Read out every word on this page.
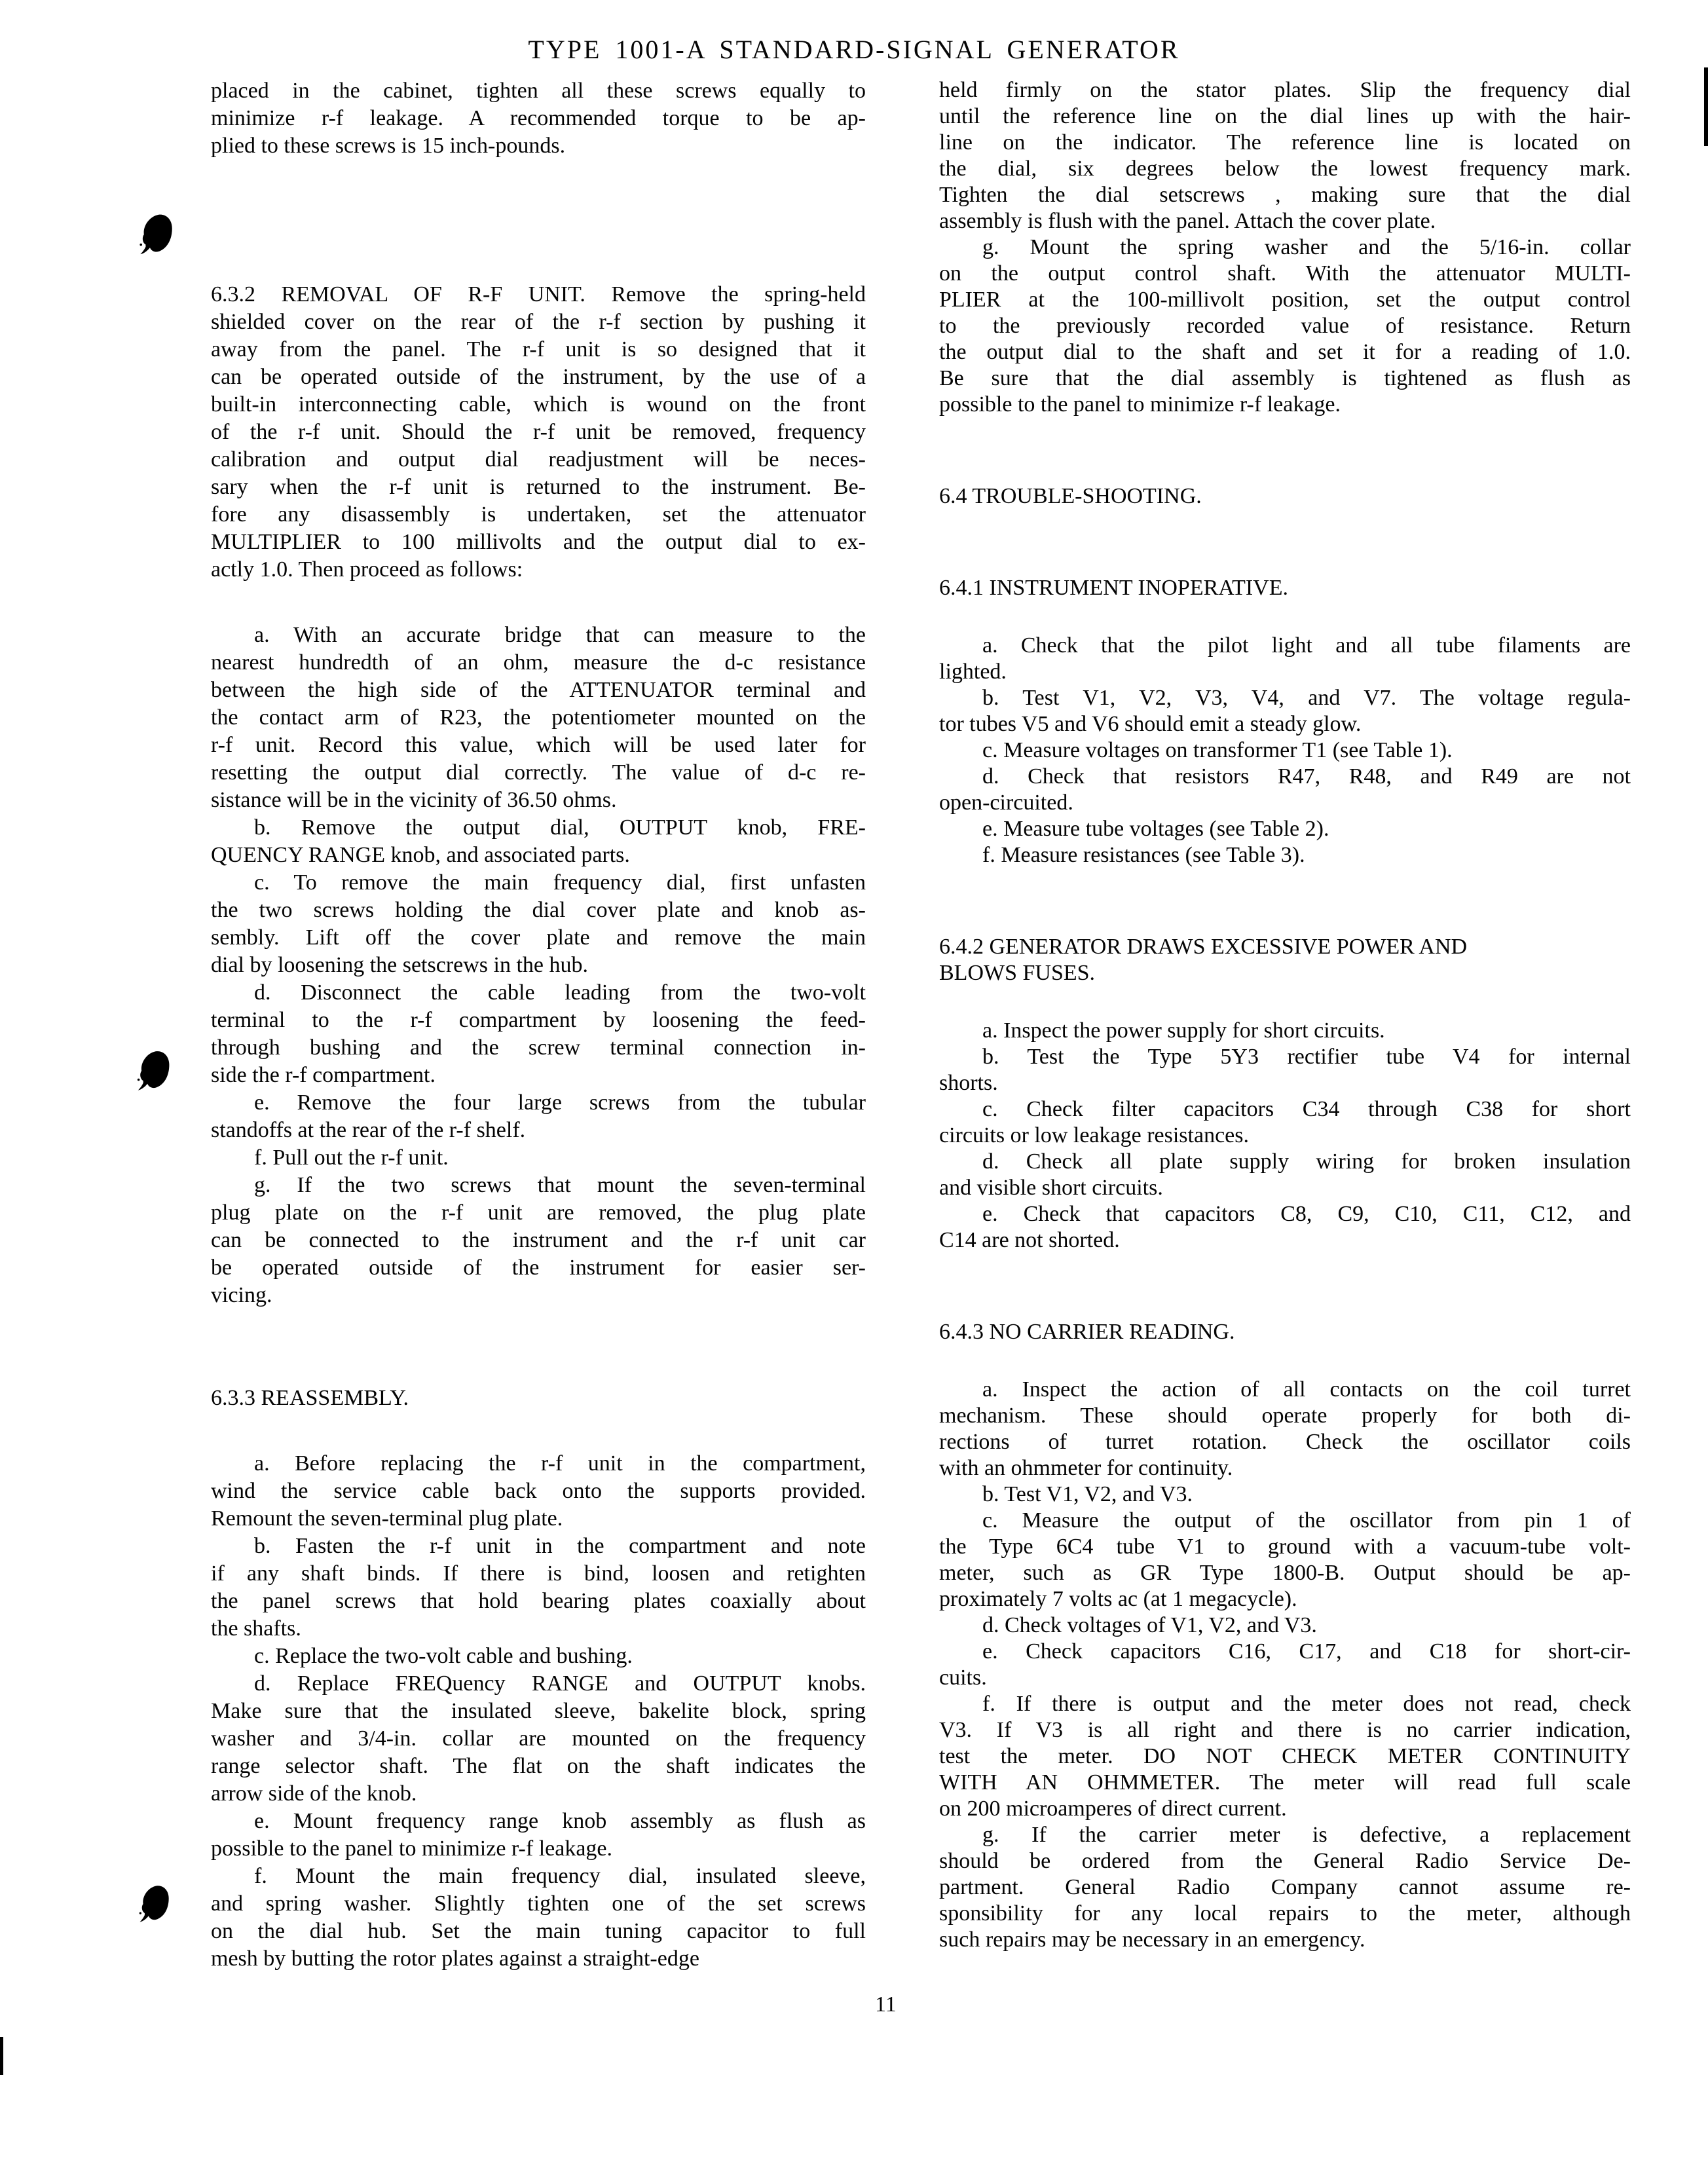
TYPE 1001-A STANDARD-SIGNAL GENERATOR
placed in the cabinet, tighten all these screws equally to
minimize r-f leakage. A recommended torque to be ap-
plied to these screws is 15 inch-pounds.
6.3.2 REMOVAL OF R-F UNIT. Remove the spring-held
shielded cover on the rear of the r-f section by pushing it
away from the panel. The r-f unit is so designed that it
can be operated outside of the instrument, by the use of a
built-in interconnecting cable, which is wound on the front
of the r-f unit. Should the r-f unit be removed, frequency
calibration and output dial readjustment will be neces-
sary when the r-f unit is returned to the instrument. Be-
fore any disassembly is undertaken, set the attenuator
MULTIPLIER to 100 millivolts and the output dial to ex-
actly 1.0. Then proceed as follows:
a. With an accurate bridge that can measure to the
nearest hundredth of an ohm, measure the d-c resistance
between the high side of the ATTENUATOR terminal and
the contact arm of R23, the potentiometer mounted on the
r-f unit. Record this value, which will be used later for
resetting the output dial correctly. The value of d-c re-
sistance will be in the vicinity of 36.50 ohms.
b. Remove the output dial, OUTPUT knob, FRE-
QUENCY RANGE knob, and associated parts.
c. To remove the main frequency dial, first unfasten
the two screws holding the dial cover plate and knob as-
sembly. Lift off the cover plate and remove the main
dial by loosening the setscrews in the hub.
d. Disconnect the cable leading from the two-volt
terminal to the r-f compartment by loosening the feed-
through bushing and the screw terminal connection in-
side the r-f compartment.
e. Remove the four large screws from the tubular
standoffs at the rear of the r-f shelf.
f. Pull out the r-f unit.
g. If the two screws that mount the seven-terminal
plug plate on the r-f unit are removed, the plug plate
can be connected to the instrument and the r-f unit car
be operated outside of the instrument for easier ser-
vicing.
6.3.3 REASSEMBLY.
a. Before replacing the r-f unit in the compartment,
wind the service cable back onto the supports provided.
Remount the seven-terminal plug plate.
b. Fasten the r-f unit in the compartment and note
if any shaft binds. If there is bind, loosen and retighten
the panel screws that hold bearing plates coaxially about
the shafts.
c. Replace the two-volt cable and bushing.
d. Replace FREQuency RANGE and OUTPUT knobs.
Make sure that the insulated sleeve, bakelite block, spring
washer and 3/4-in. collar are mounted on the frequency
range selector shaft. The flat on the shaft indicates the
arrow side of the knob.
e. Mount frequency range knob assembly as flush as
possible to the panel to minimize r-f leakage.
f. Mount the main frequency dial, insulated sleeve,
and spring washer. Slightly tighten one of the set screws
on the dial hub. Set the main tuning capacitor to full
mesh by butting the rotor plates against a straight-edge
held firmly on the stator plates. Slip the frequency dial
until the reference line on the dial lines up with the hair-
line on the indicator. The reference line is located on
the dial, six degrees below the lowest frequency mark.
Tighten the dial setscrews , making sure that the dial
assembly is flush with the panel. Attach the cover plate.
g. Mount the spring washer and the 5/16-in. collar
on the output control shaft. With the attenuator MULTI-
PLIER at the 100-millivolt position, set the output control
to the previously recorded value of resistance. Return
the output dial to the shaft and set it for a reading of 1.0.
Be sure that the dial assembly is tightened as flush as
possible to the panel to minimize r-f leakage.
6.4 TROUBLE-SHOOTING.
6.4.1 INSTRUMENT INOPERATIVE.
a. Check that the pilot light and all tube filaments are
lighted.
b. Test V1, V2, V3, V4, and V7. The voltage regula-
tor tubes V5 and V6 should emit a steady glow.
c. Measure voltages on transformer T1 (see Table 1).
d. Check that resistors R47, R48, and R49 are not
open-circuited.
e. Measure tube voltages (see Table 2).
f. Measure resistances (see Table 3).
6.4.2 GENERATOR DRAWS EXCESSIVE POWER AND
BLOWS FUSES.
a. Inspect the power supply for short circuits.
b. Test the Type 5Y3 rectifier tube V4 for internal
shorts.
c. Check filter capacitors C34 through C38 for short
circuits or low leakage resistances.
d. Check all plate supply wiring for broken insulation
and visible short circuits.
e. Check that capacitors C8, C9, C10, C11, C12, and
C14 are not shorted.
6.4.3 NO CARRIER READING.
a. Inspect the action of all contacts on the coil turret
mechanism. These should operate properly for both di-
rections of turret rotation. Check the oscillator coils
with an ohmmeter for continuity.
b. Test V1, V2, and V3.
c. Measure the output of the oscillator from pin 1 of
the Type 6C4 tube V1 to ground with a vacuum-tube volt-
meter, such as GR Type 1800-B. Output should be ap-
proximately 7 volts ac (at 1 megacycle).
d. Check voltages of V1, V2, and V3.
e. Check capacitors C16, C17, and C18 for short-cir-
cuits.
f. If there is output and the meter does not read, check
V3. If V3 is all right and there is no carrier indication,
test the meter. DO NOT CHECK METER CONTINUITY
WITH AN OHMMETER. The meter will read full scale
on 200 microamperes of direct current.
g. If the carrier meter is defective, a replacement
should be ordered from the General Radio Service De-
partment. General Radio Company cannot assume re-
sponsibility for any local repairs to the meter, although
such repairs may be necessary in an emergency.
11
